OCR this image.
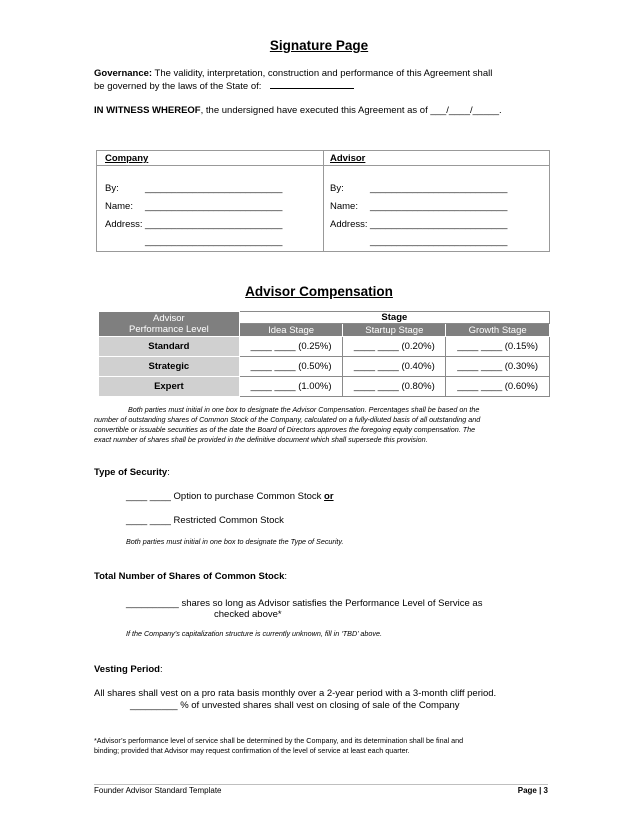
Signature Page
Governance: The validity, interpretation, construction and performance of this Agreement shall
be governed by the laws of the State of:
IN WITNESS WHEREOF, the undersigned have executed this Agreement as of ___/____/_____.
Company	Advisor
By:	__________________________
Name: __________________________
Address: __________________________
__________________________
By:	__________________________
Name: __________________________
Address: __________________________
__________________________
Advisor Compensation
Advisor
Performance Level	Stage		
	Idea Stage	Startup Stage	Growth Stage
Standard	____ ____ (0.25%)	____ ____ (0.20%)	____ ____ (0.15%)
Strategic	____ ____ (0.50%)	____ ____ (0.40%)	____ ____ (0.30%)
Expert	____ ____ (1.00%)	____ ____ (0.80%)	____ ____ (0.60%)
Both parties must initial in one box to designate the Advisor Compensation. Percentages shall be based on the
number of outstanding shares of Common Stock of the Company, calculated on a fully-diluted basis of all outstanding and
convertible or issuable securities as of the date the Board of Directors approves the foregoing equity compensation. The
exact number of shares shall be provided in the definitive document which shall supersede this provision.
Type of Security:
____ ____ Option to purchase Common Stock or
____ ____ Restricted Common Stock
Both parties must initial in one box to designate the Type of Security.
Total Number of Shares of Common Stock:
__________ shares so long as Advisor satisfies the Performance Level of Service as
checked above*
If the Company’s capitalization structure is currently unknown, fill in ‘TBD’ above.
Vesting Period:
All shares shall vest on a pro rata basis monthly over a 2-year period with a 3-month cliff period.
_________ % of unvested shares shall vest on closing of sale of the Company
*Advisor’s performance level of service shall be determined by the Company, and its determination shall be final and
binding; provided that Advisor may request confirmation of the level of service at least each quarter.
Founder Advisor Standard Template	Page | 3
